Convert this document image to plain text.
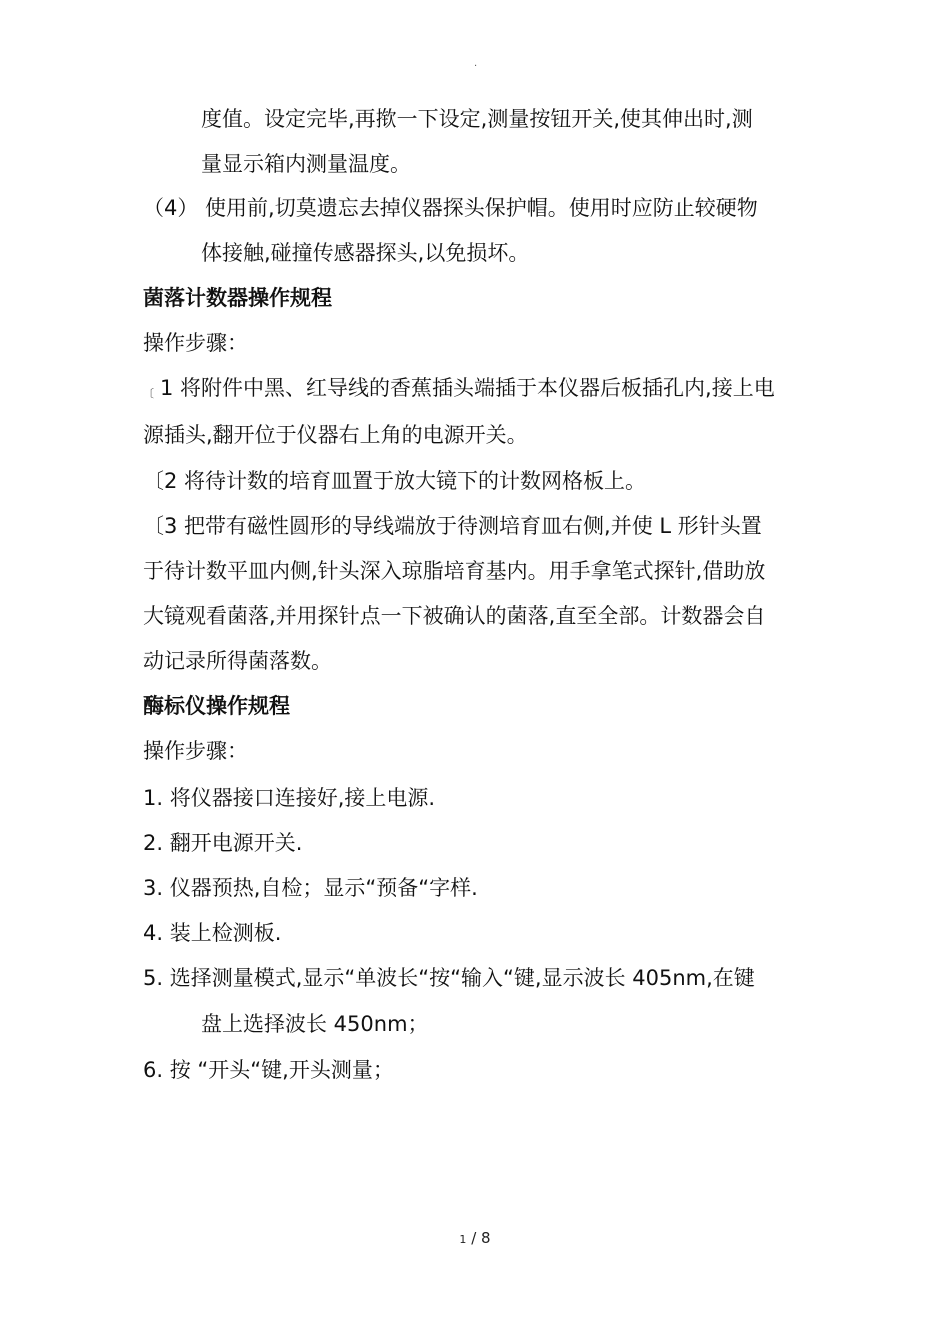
.
度值。设定完毕,再揿一下设定,测量按钮开关,使其伸出时,测
量显示箱内测量温度。
（4） 使用前,切莫遗忘去掉仪器探头保护帽。使用时应防止较硬物
体接触,碰撞传感器探头,以免损坏。
菌落计数器操作规程
操作步骤：
〔 1 将附件中黑、红导线的香蕉插头端插于本仪器后板插孔内,接上电
源插头,翻开位于仪器右上角的电源开关。
〔2 将待计数的培育皿置于放大镜下的计数网格板上。
〔3 把带有磁性圆形的导线端放于待测培育皿右侧,并使 L 形针头置
于待计数平皿内侧,针头深入琼脂培育基内。用手拿笔式探针,借助放
大镜观看菌落,并用探针点一下被确认的菌落,直至全部。计数器会自
动记录所得菌落数。
酶标仪操作规程
操作步骤：
1. 将仪器接口连接好,接上电源.
2. 翻开电源开关.
3. 仪器预热,自检；显示“预备“字样.
4. 装上检测板.
5. 选择测量模式,显示“单波长“按“输入“键,显示波长 405nm,在键
盘上选择波长 450nm；
6. 按 “开头“键,开头测量；
1 / 8
